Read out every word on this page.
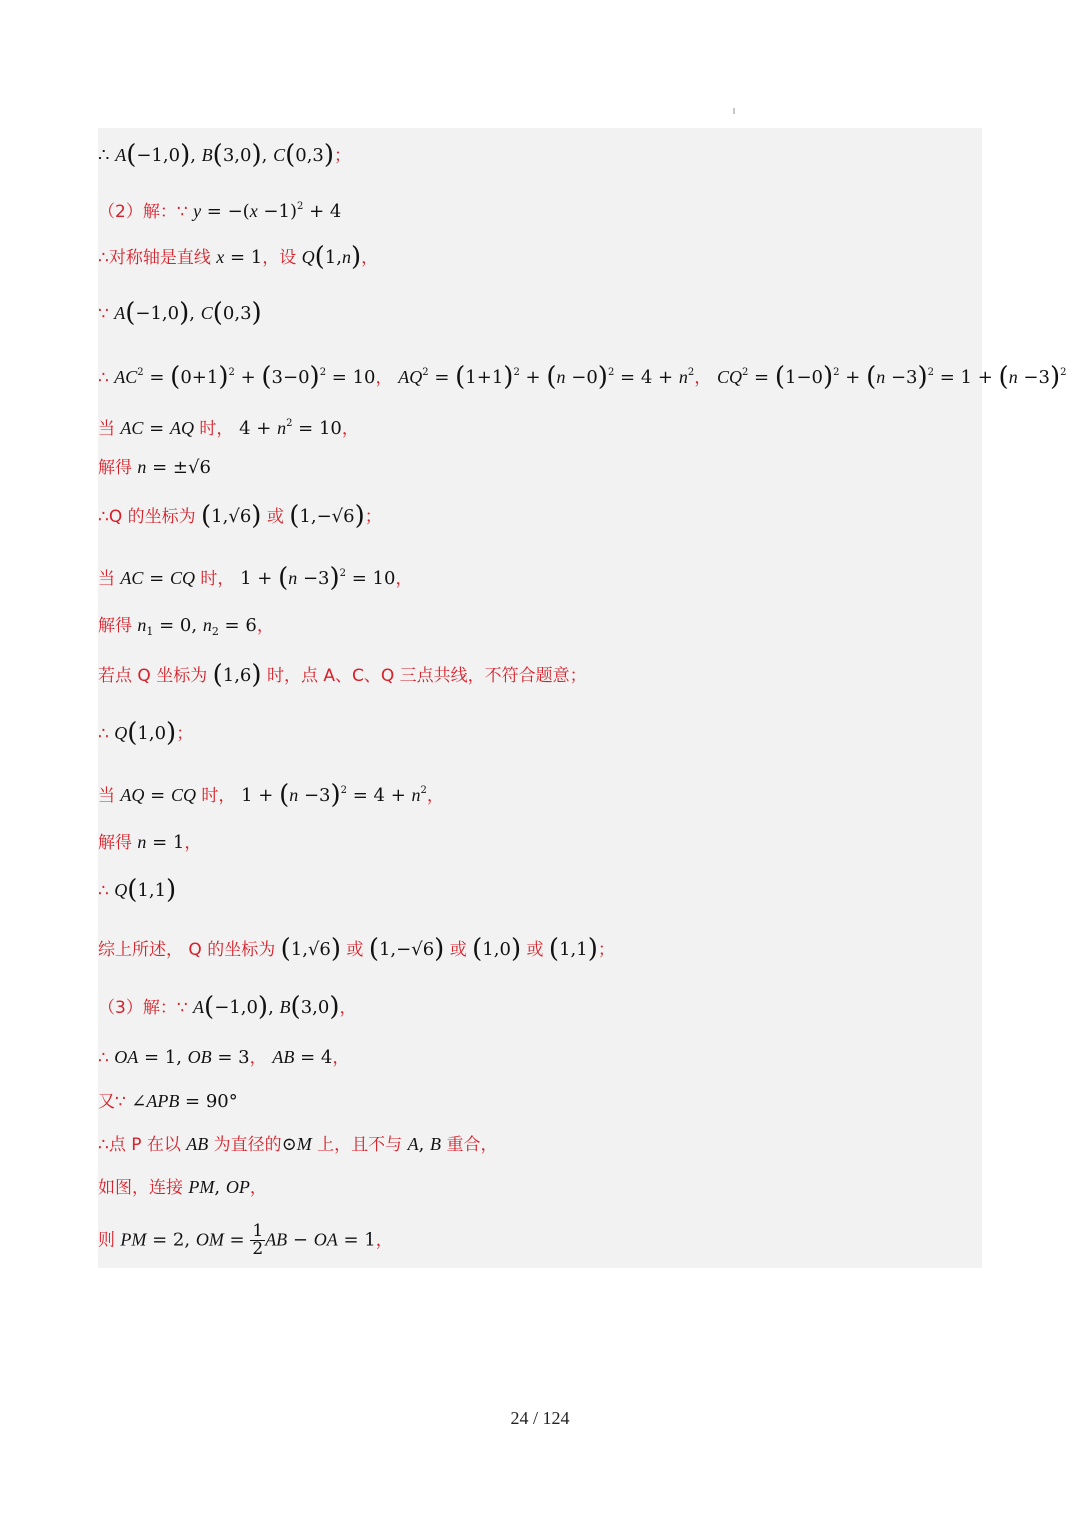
∴ A(−1,0), B(3,0), C(0,3)；
（2）解：∵ $y = -(x -1)^2 + 4$
∴对称轴是直线 x = 1，设 Q(1,n)，
∵ A(−1,0), C(0,3)
∴ $AC^2 = (0+1)^2 + (3-0)^2 = 10$， $AQ^2 = (1+1)^2 + (n -0)^2 = 4 + n^2$， $CQ^2 = (1-0)^2 + (n -3)^2 = 1 + (n -3)^2$
当 AC = AQ 时， $4 + n^2 = 10$，
解得 n = ±√6
∴Q 的坐标为 (1,√6) 或 (1,−√6)；
当 AC = CQ 时， $1 + (n -3)^2 = 10$，
解得 $n_1 = 0$, $n_2 = 6$，
若点 Q 坐标为 (1,6) 时，点 A、C、Q 三点共线，不符合题意；
∴ Q(1,0)；
当 AQ = CQ 时， $1 + (n -3)^2 = 4 + n^2$，
解得 n = 1，
∴ Q(1,1)
综上所述， Q 的坐标为 (1,√6) 或 (1,−√6) 或 (1,0) 或 (1,1)；
（3）解：∵ A(−1,0), B(3,0)，
∴ OA = 1, OB = 3， AB = 4，
又∵ ∠APB = 90°
∴点 P 在以 AB 为直径的⊙M 上，且不与 A, B 重合，
如图，连接 PM, OP，
则 PM = 2, OM = $\frac{1}{2}$ AB − OA = 1，
24 / 124
